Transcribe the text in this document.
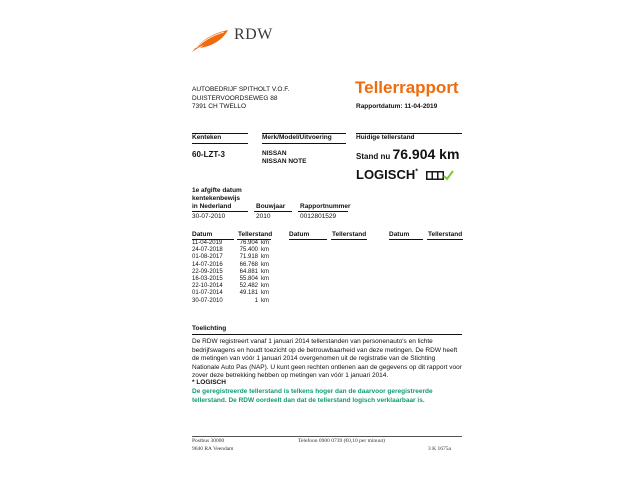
RDW
AUTOBEDRIJF SPITHOLT V.O.F.
DUISTERVOORDSEWEG 88
7391 CH TWELLO
Tellerrapport
Rapportdatum: 11-04-2019
Kenteken	Merk/Model/Uitvoering	Huidige tellerstand
60-LZT-3	NISSAN
NISSAN NOTE
Stand nu 76.904 km
LOGISCH*
1e afgifte datum
kentekenbewijs
in Nederland	Bouwjaar Rapportnummer
30-07-2010	2010	0012801529
Datum	Tellerstand	Datum	Tellerstand	Datum	Tellerstand
11-04-2019	76.904 km
24-07-2018	75.400 km
01-08-2017	71.918 km
14-07-2016	66.768 km
22-09-2015	64.881 km
16-03-2015	55.804 km
22-10-2014	52.482 km
01-07-2014	49.181 km
30-07-2010	1 km
Toelichting
De RDW registreert vanaf 1 januari 2014 tellerstanden van personenauto's en lichte bedrijfswagens en houdt toezicht op de betrouwbaarheid van deze metingen. De RDW heeft de metingen van vóór 1 januari 2014 overgenomen uit de registratie van de Stichting Nationale Auto Pas (NAP). U kunt geen rechten ontlenen aan de gegevens op dit rapport voor zover deze betrekking hebben op metingen van vóór 1 januari 2014.
* LOGISCH
De geregistreerde tellerstand is telkens hoger dan de daarvoor geregistreerde tellerstand. De RDW oordeelt dan dat de tellerstand logisch verklaarbaar is.
Postbus 30000
9640 RA Veendam
Telefoon 0900 0739 (€0,10 per minuut)
3 K 1675a
